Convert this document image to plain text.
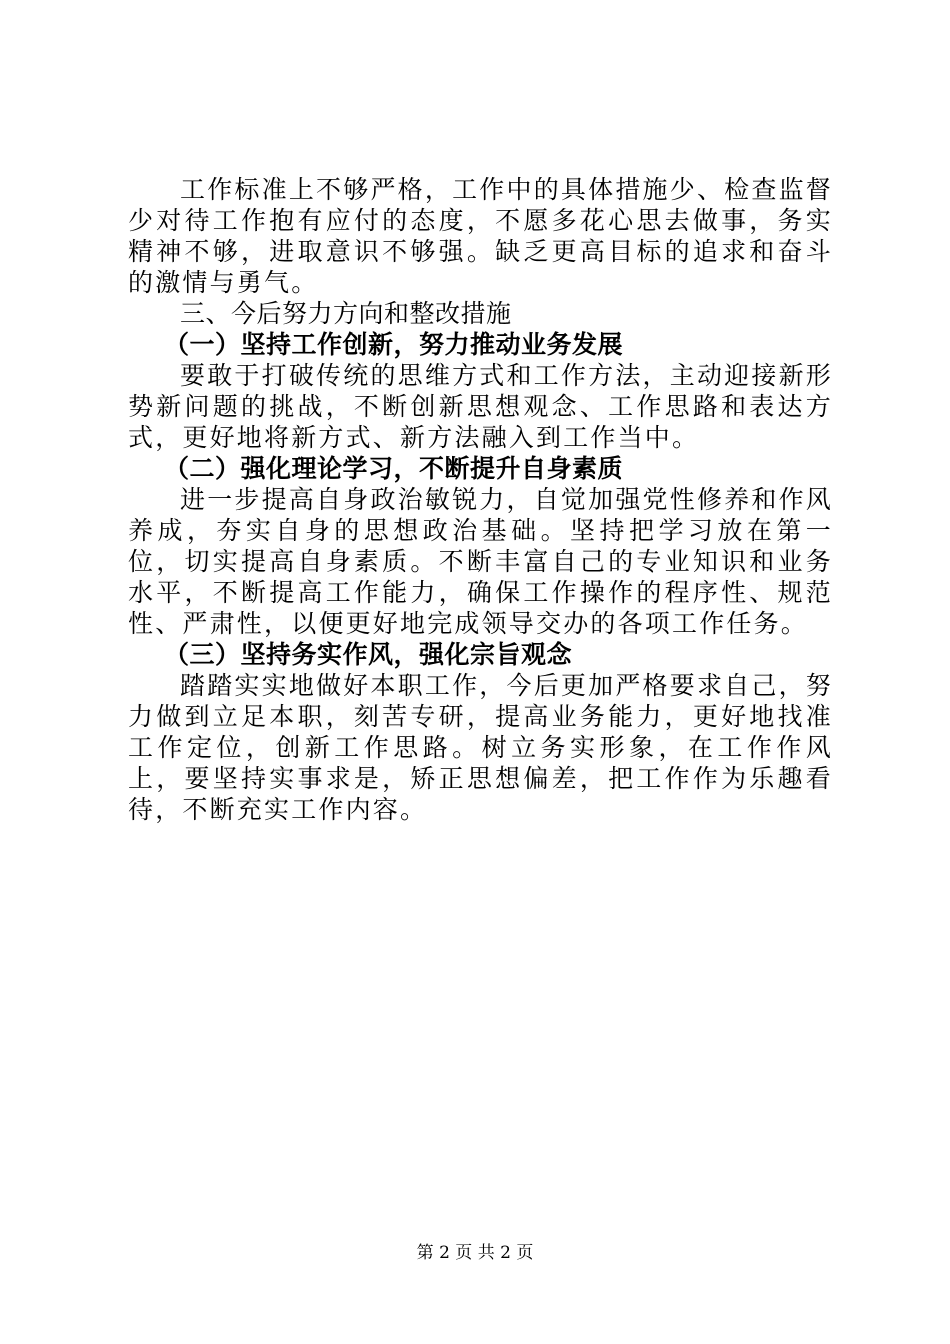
工作标准上不够严格，工作中的具体措施少、检查监督少对待工作抱有应付的态度，不愿多花心思去做事，务实精神不够，进取意识不够强。缺乏更高目标的追求和奋斗的激情与勇气。

三、今后努力方向和整改措施

（一）坚持工作创新，努力推动业务发展

要敢于打破传统的思维方式和工作方法，主动迎接新形势新问题的挑战，不断创新思想观念、工作思路和表达方式，更好地将新方式、新方法融入到工作当中。

（二）强化理论学习，不断提升自身素质

进一步提高自身政治敏锐力，自觉加强党性修养和作风养成，夯实自身的思想政治基础。坚持把学习放在第一位，切实提高自身素质。不断丰富自己的专业知识和业务水平，不断提高工作能力，确保工作操作的程序性、规范性、严肃性，以便更好地完成领导交办的各项工作任务。

（三）坚持务实作风，强化宗旨观念

踏踏实实地做好本职工作，今后更加严格要求自己，努力做到立足本职，刻苦专研，提高业务能力，更好地找准工作定位，创新工作思路。树立务实形象，在工作作风上，要坚持实事求是，矫正思想偏差，把工作作为乐趣看待，不断充实工作内容。

第 2 页 共 2 页
